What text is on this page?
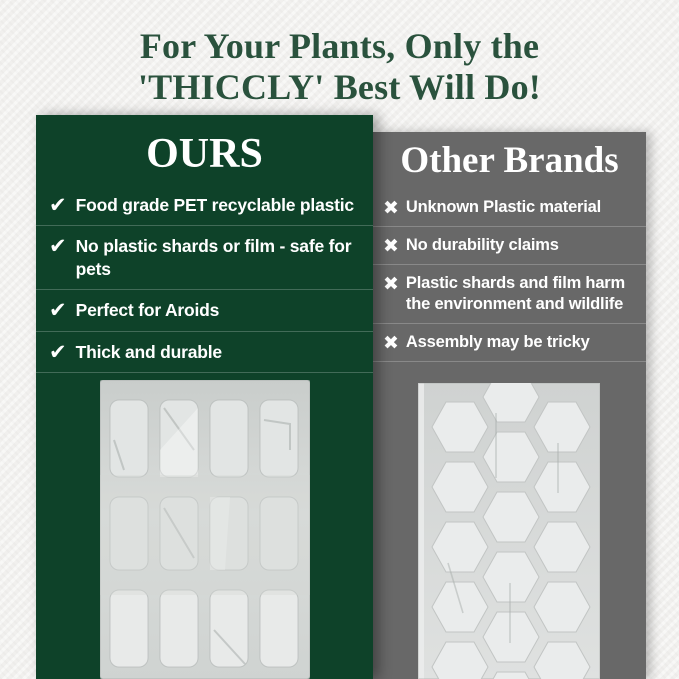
For Your Plants, Only the
'THICCLY' Best Will Do!
OURS
✔ Food grade PET recyclable plastic
✔ No plastic shards or film - safe for pets
✔ Perfect for Aroids
✔ Thick and durable
Other Brands
✖ Unknown Plastic material
✖ No durability claims
✖ Plastic shards and film harm the environment and wildlife
✖ Assembly may be tricky
